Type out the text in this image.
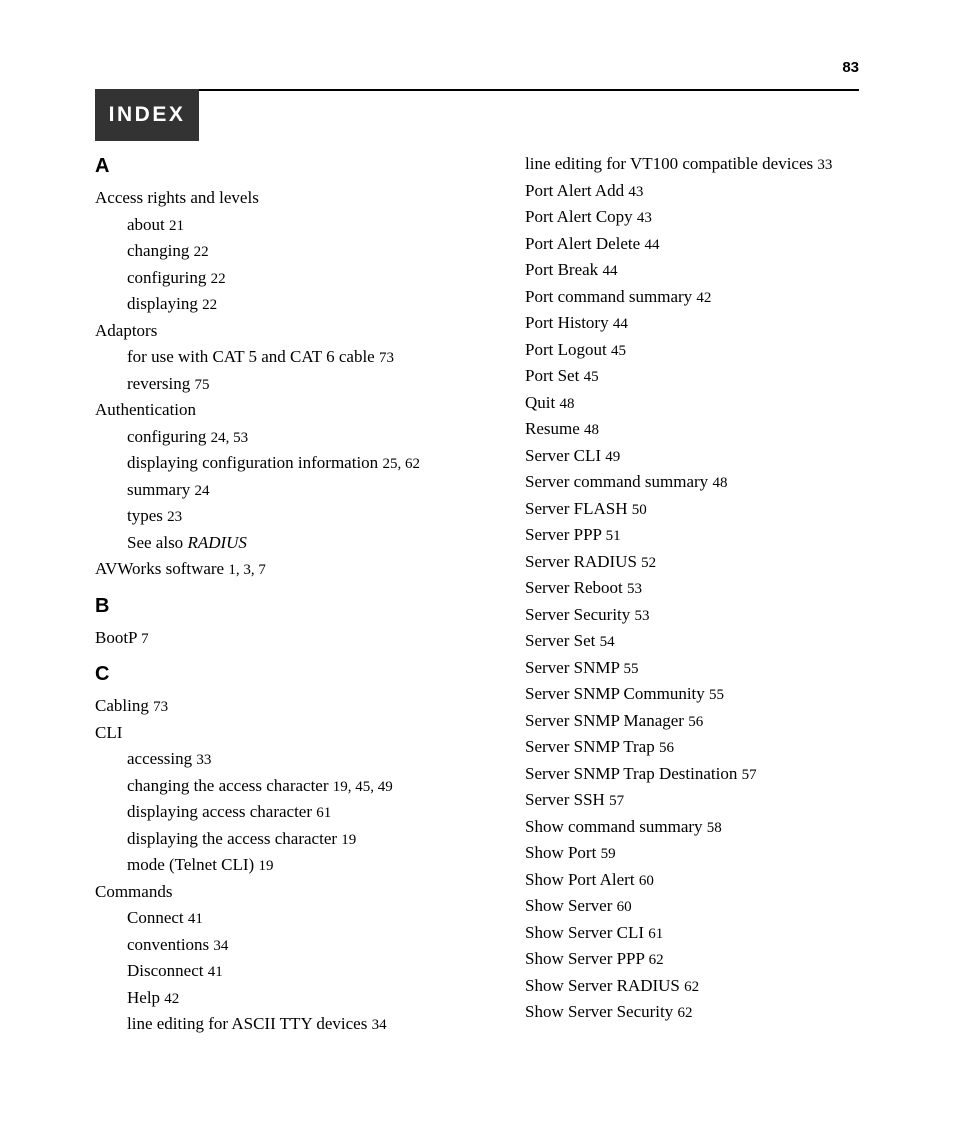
83
INDEX
A
Access rights and levels
about 21
changing 22
configuring 22
displaying 22
Adaptors
for use with CAT 5 and CAT 6 cable 73
reversing 75
Authentication
configuring 24, 53
displaying configuration information 25, 62
summary 24
types 23
See also RADIUS
AVWorks software 1, 3, 7
B
BootP 7
C
Cabling 73
CLI
accessing 33
changing the access character 19, 45, 49
displaying access character 61
displaying the access character 19
mode (Telnet CLI) 19
Commands
Connect 41
conventions 34
Disconnect 41
Help 42
line editing for ASCII TTY devices 34
line editing for VT100 compatible devices 33
Port Alert Add 43
Port Alert Copy 43
Port Alert Delete 44
Port Break 44
Port command summary 42
Port History 44
Port Logout 45
Port Set 45
Quit 48
Resume 48
Server CLI 49
Server command summary 48
Server FLASH 50
Server PPP 51
Server RADIUS 52
Server Reboot 53
Server Security 53
Server Set 54
Server SNMP 55
Server SNMP Community 55
Server SNMP Manager 56
Server SNMP Trap 56
Server SNMP Trap Destination 57
Server SSH 57
Show command summary 58
Show Port 59
Show Port Alert 60
Show Server 60
Show Server CLI 61
Show Server PPP 62
Show Server RADIUS 62
Show Server Security 62
